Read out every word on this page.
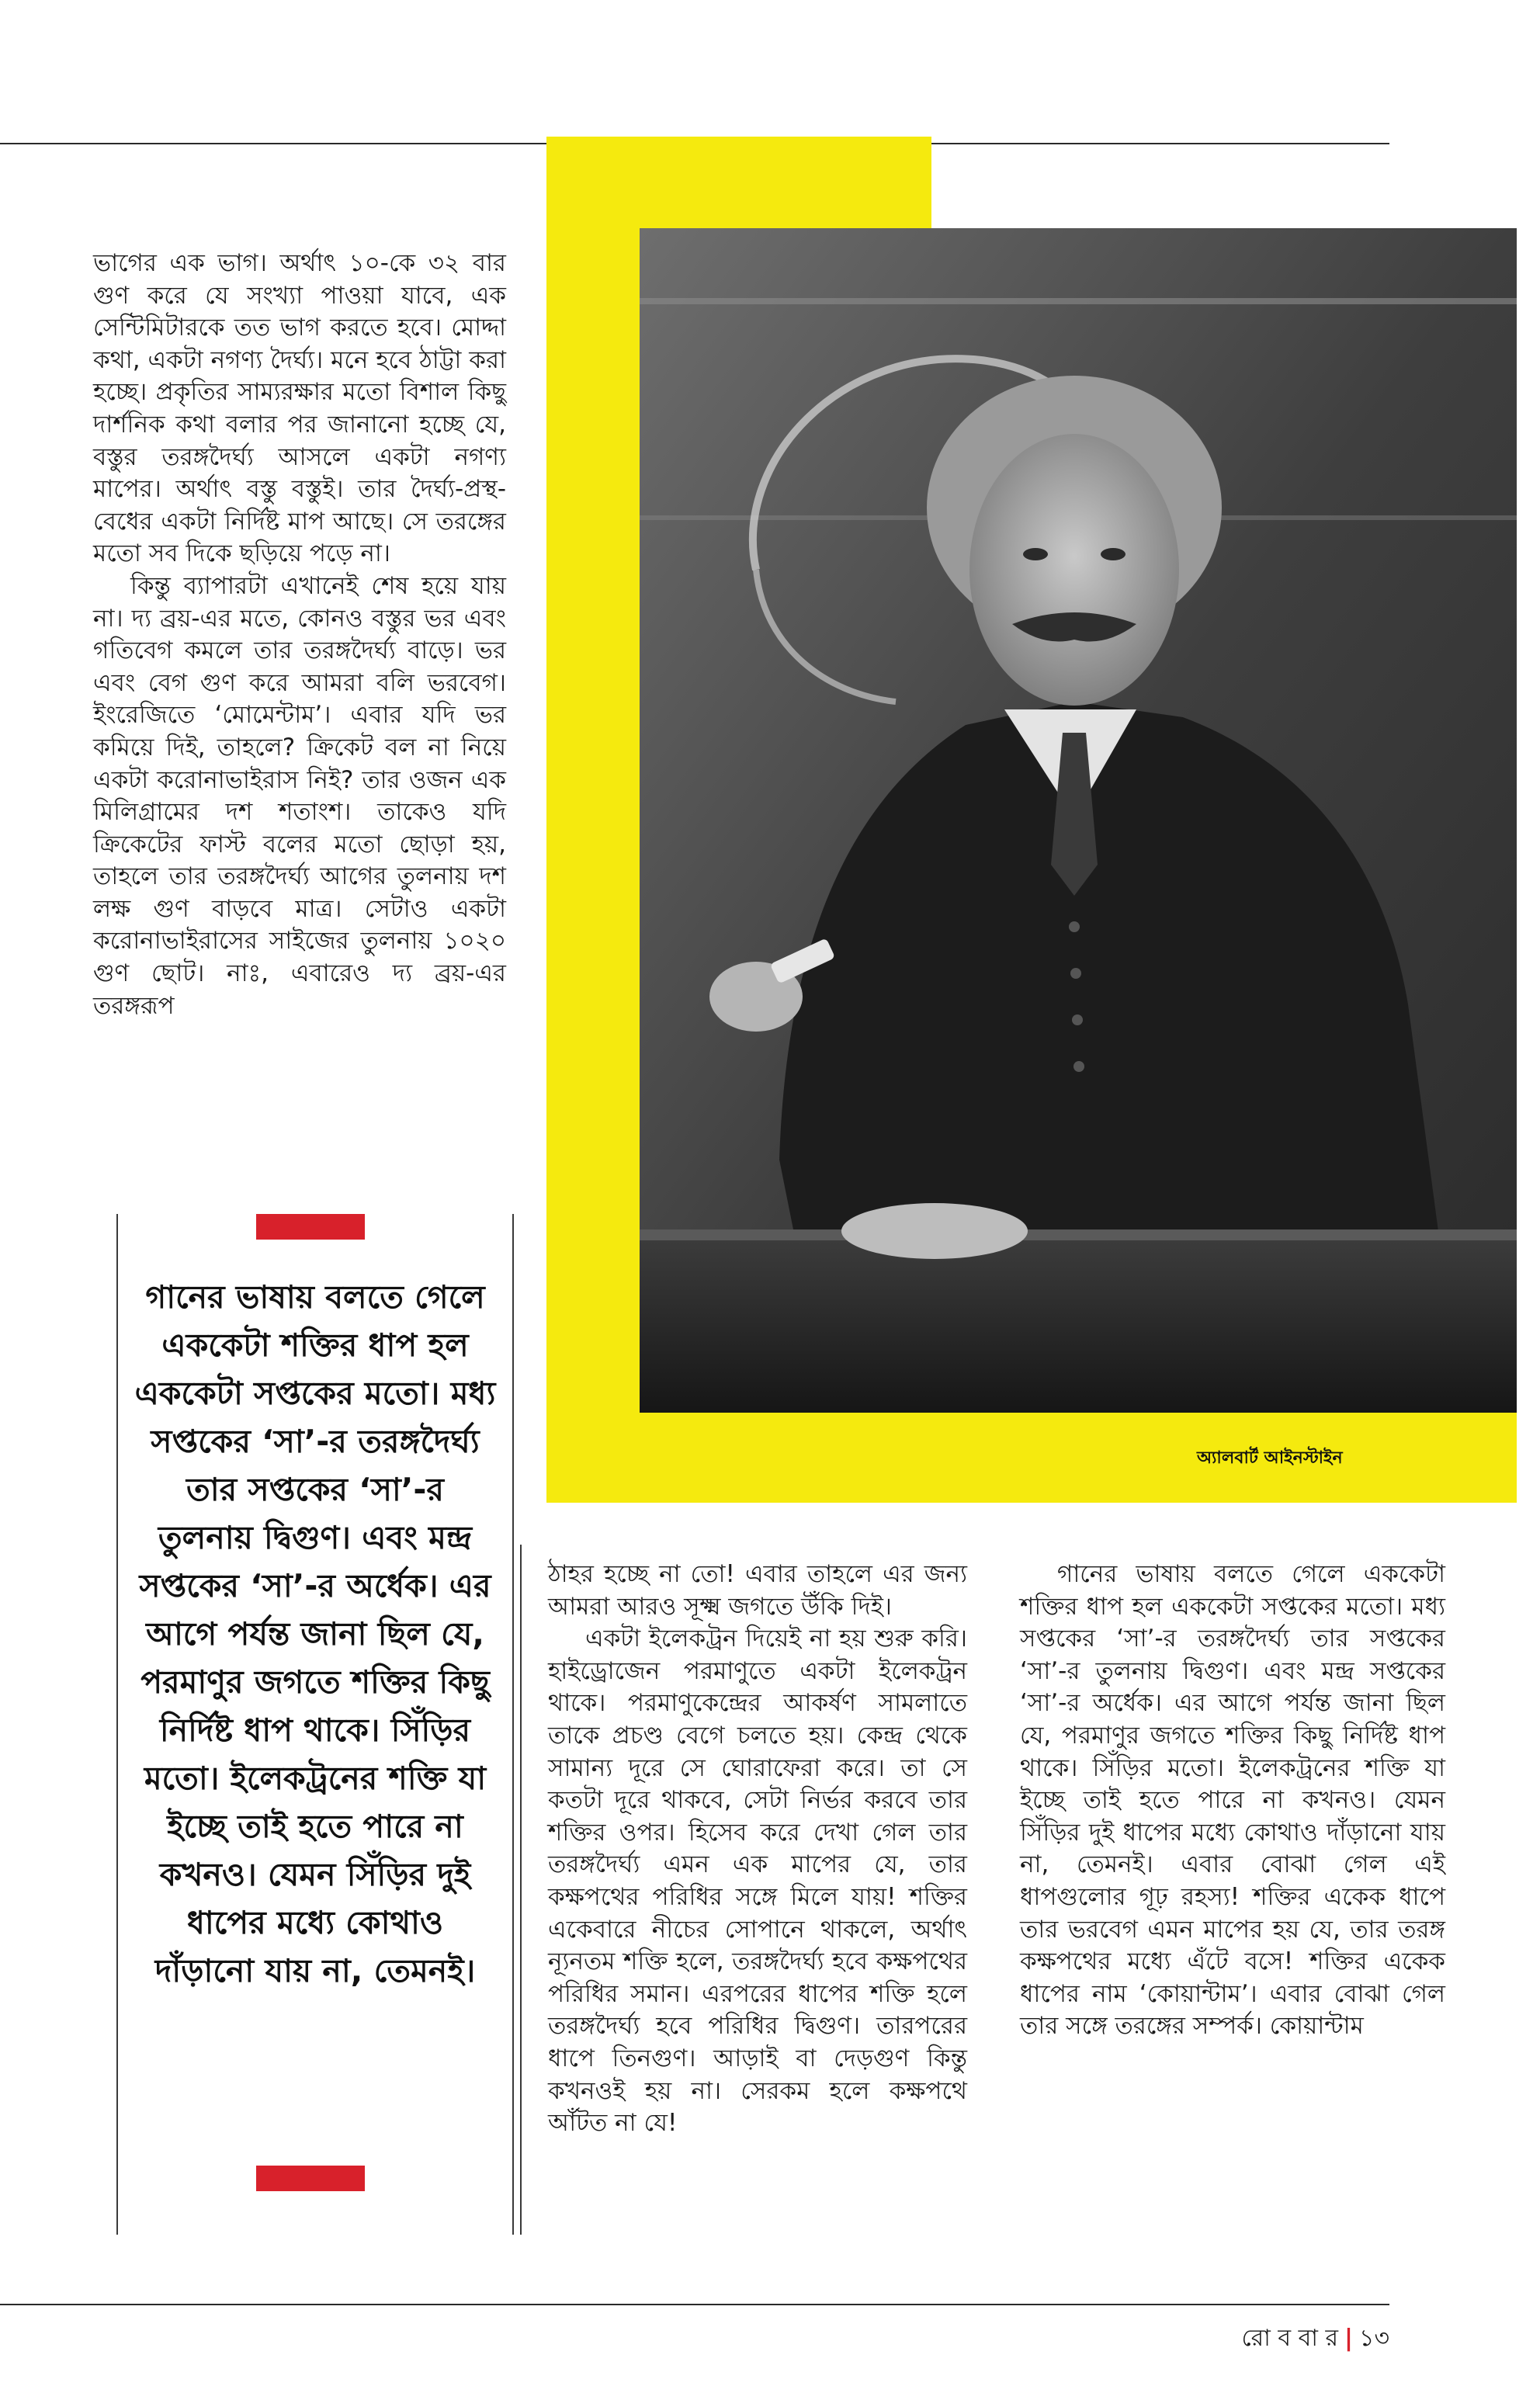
অ্যালবার্ট আইনস্টাইন

ভাগের এক ভাগ। অর্থাৎ ১০-কে ৩২ বার গুণ করে যে সংখ্যা পাওয়া যাবে, এক সেন্টিমিটারকে তত ভাগ করতে হবে। মোদ্দা কথা, একটা নগণ্য দৈর্ঘ্য। মনে হবে ঠাট্টা করা হচ্ছে। প্রকৃতির সাম্যরক্ষার মতো বিশাল কিছু দার্শনিক কথা বলার পর জানানো হচ্ছে যে, বস্তুর তরঙ্গদৈর্ঘ্য আসলে একটা নগণ্য মাপের। অর্থাৎ বস্তু বস্তুই। তার দৈর্ঘ্য-প্রস্থ-বেধের একটা নির্দিষ্ট মাপ আছে। সে তরঙ্গের মতো সব দিকে ছড়িয়ে পড়ে না।

কিন্তু ব্যাপারটা এখানেই শেষ হয়ে যায় না। দ্য ব্রয়-এর মতে, কোনও বস্তুর ভর এবং গতিবেগ কমলে তার তরঙ্গদৈর্ঘ্য বাড়ে। ভর এবং বেগ গুণ করে আমরা বলি ভরবেগ। ইংরেজিতে ‘মোমেন্টাম’। এবার যদি ভর কমিয়ে দিই, তাহলে? ক্রিকেট বল না নিয়ে একটা করোনাভাইরাস নিই? তার ওজন এক মিলিগ্রামের দশ শতাংশ। তাকেও যদি ক্রিকেটের ফাস্ট বলের মতো ছোড়া হয়, তাহলে তার তরঙ্গদৈর্ঘ্য আগের তুলনায় দশ লক্ষ গুণ বাড়বে মাত্র। সেটাও একটা করোনাভাইরাসের সাইজের তুলনায় ১০২০ গুণ ছোট। নাঃ, এবারেও দ্য ব্রয়-এর তরঙ্গরূপ

গানের ভাষায় বলতে গেলে এককেটা শক্তির ধাপ হল এককেটা সপ্তকের মতো। মধ্য সপ্তকের ‘সা’-র তরঙ্গদৈর্ঘ্য তার সপ্তকের ‘সা’-র তুলনায় দ্বিগুণ। এবং মন্দ্র সপ্তকের ‘সা’-র অর্ধেক। এর আগে পর্যন্ত জানা ছিল যে, পরমাণুর জগতে শক্তির কিছু নির্দিষ্ট ধাপ থাকে। সিঁড়ির মতো। ইলেকট্রনের শক্তি যা ইচ্ছে তাই হতে পারে না কখনও। যেমন সিঁড়ির দুই ধাপের মধ্যে কোথাও দাঁড়ানো যায় না, তেমনই।

ঠাহর হচ্ছে না তো! এবার তাহলে এর জন্য আমরা আরও সূক্ষ্ম জগতে উঁকি দিই।

একটা ইলেকট্রন দিয়েই না হয় শুরু করি। হাইড্রোজেন পরমাণুতে একটা ইলেকট্রন থাকে। পরমাণুকেন্দ্রের আকর্ষণ সামলাতে তাকে প্রচণ্ড বেগে চলতে হয়। কেন্দ্র থেকে সামান্য দূরে সে ঘোরাফেরা করে। তা সে কতটা দূরে থাকবে, সেটা নির্ভর করবে তার শক্তির ওপর। হিসেব করে দেখা গেল তার তরঙ্গদৈর্ঘ্য এমন এক মাপের যে, তার কক্ষপথের পরিধির সঙ্গে মিলে যায়! শক্তির একেবারে নীচের সোপানে থাকলে, অর্থাৎ ন্যূনতম শক্তি হলে, তরঙ্গদৈর্ঘ্য হবে কক্ষপথের পরিধির সমান। এরপরের ধাপের শক্তি হলে তরঙ্গদৈর্ঘ্য হবে পরিধির দ্বিগুণ। তারপরের ধাপে তিনগুণ। আড়াই বা দেড়গুণ কিন্তু কখনওই হয় না। সেরকম হলে কক্ষপথে আঁটত না যে!

গানের ভাষায় বলতে গেলে এককেটা শক্তির ধাপ হল এককেটা সপ্তকের মতো। মধ্য সপ্তকের ‘সা’-র তরঙ্গদৈর্ঘ্য তার সপ্তকের ‘সা’-র তুলনায় দ্বিগুণ। এবং মন্দ্র সপ্তকের ‘সা’-র অর্ধেক। এর আগে পর্যন্ত জানা ছিল যে, পরমাণুর জগতে শক্তির কিছু নির্দিষ্ট ধাপ থাকে। সিঁড়ির মতো। ইলেকট্রনের শক্তি যা ইচ্ছে তাই হতে পারে না কখনও। যেমন সিঁড়ির দুই ধাপের মধ্যে কোথাও দাঁড়ানো যায় না, তেমনই। এবার বোঝা গেল এই ধাপগুলোর গূঢ় রহস্য! শক্তির একেক ধাপে তার ভরবেগ এমন মাপের হয় যে, তার তরঙ্গ কক্ষপথের মধ্যে এঁটে বসে! শক্তির একেক ধাপের নাম ‘কোয়ান্টাম’। এবার বোঝা গেল তার সঙ্গে তরঙ্গের সম্পর্ক। কোয়ান্টাম

রো ব বা র | ১৩
